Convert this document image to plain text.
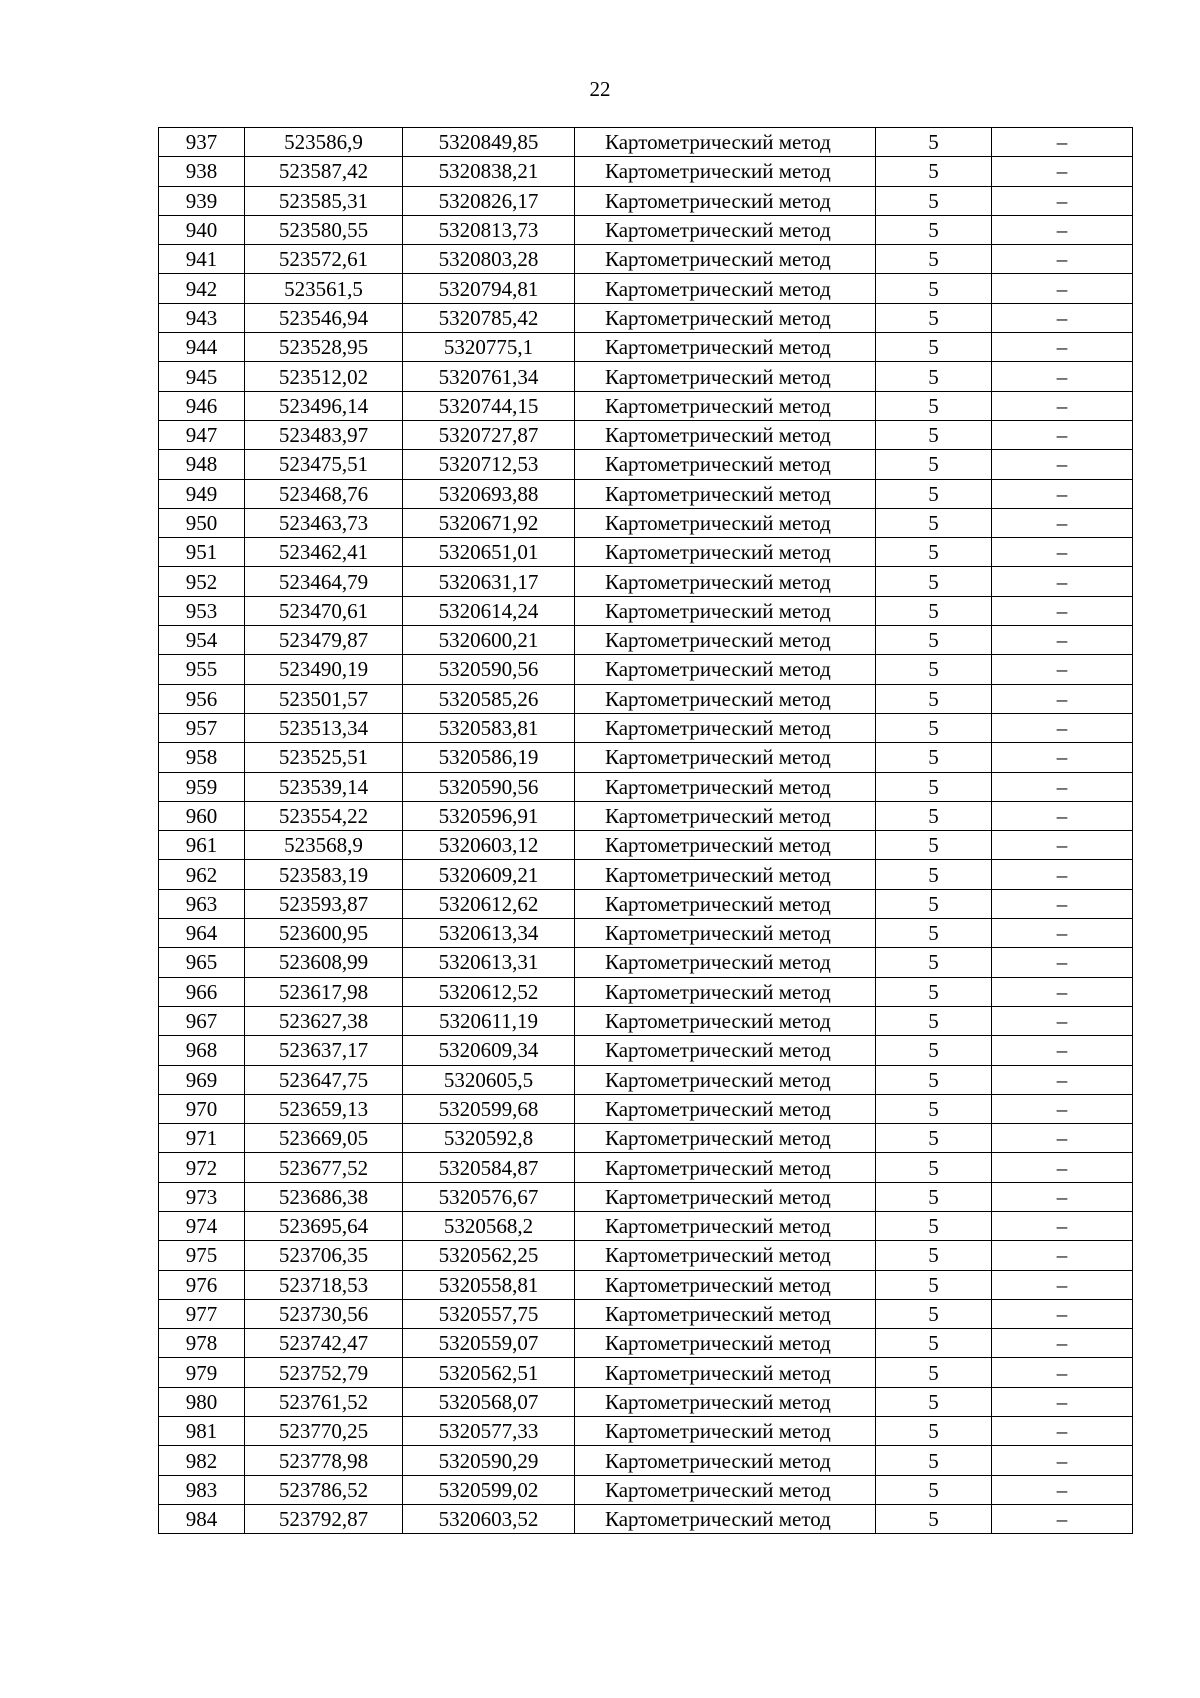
22
937	523586,9	5320849,85	Картометрический метод	5	–
938	523587,42	5320838,21	Картометрический метод	5	–
939	523585,31	5320826,17	Картометрический метод	5	–
940	523580,55	5320813,73	Картометрический метод	5	–
941	523572,61	5320803,28	Картометрический метод	5	–
942	523561,5	5320794,81	Картометрический метод	5	–
943	523546,94	5320785,42	Картометрический метод	5	–
944	523528,95	5320775,1	Картометрический метод	5	–
945	523512,02	5320761,34	Картометрический метод	5	–
946	523496,14	5320744,15	Картометрический метод	5	–
947	523483,97	5320727,87	Картометрический метод	5	–
948	523475,51	5320712,53	Картометрический метод	5	–
949	523468,76	5320693,88	Картометрический метод	5	–
950	523463,73	5320671,92	Картометрический метод	5	–
951	523462,41	5320651,01	Картометрический метод	5	–
952	523464,79	5320631,17	Картометрический метод	5	–
953	523470,61	5320614,24	Картометрический метод	5	–
954	523479,87	5320600,21	Картометрический метод	5	–
955	523490,19	5320590,56	Картометрический метод	5	–
956	523501,57	5320585,26	Картометрический метод	5	–
957	523513,34	5320583,81	Картометрический метод	5	–
958	523525,51	5320586,19	Картометрический метод	5	–
959	523539,14	5320590,56	Картометрический метод	5	–
960	523554,22	5320596,91	Картометрический метод	5	–
961	523568,9	5320603,12	Картометрический метод	5	–
962	523583,19	5320609,21	Картометрический метод	5	–
963	523593,87	5320612,62	Картометрический метод	5	–
964	523600,95	5320613,34	Картометрический метод	5	–
965	523608,99	5320613,31	Картометрический метод	5	–
966	523617,98	5320612,52	Картометрический метод	5	–
967	523627,38	5320611,19	Картометрический метод	5	–
968	523637,17	5320609,34	Картометрический метод	5	–
969	523647,75	5320605,5	Картометрический метод	5	–
970	523659,13	5320599,68	Картометрический метод	5	–
971	523669,05	5320592,8	Картометрический метод	5	–
972	523677,52	5320584,87	Картометрический метод	5	–
973	523686,38	5320576,67	Картометрический метод	5	–
974	523695,64	5320568,2	Картометрический метод	5	–
975	523706,35	5320562,25	Картометрический метод	5	–
976	523718,53	5320558,81	Картометрический метод	5	–
977	523730,56	5320557,75	Картометрический метод	5	–
978	523742,47	5320559,07	Картометрический метод	5	–
979	523752,79	5320562,51	Картометрический метод	5	–
980	523761,52	5320568,07	Картометрический метод	5	–
981	523770,25	5320577,33	Картометрический метод	5	–
982	523778,98	5320590,29	Картометрический метод	5	–
983	523786,52	5320599,02	Картометрический метод	5	–
984	523792,87	5320603,52	Картометрический метод	5	–
